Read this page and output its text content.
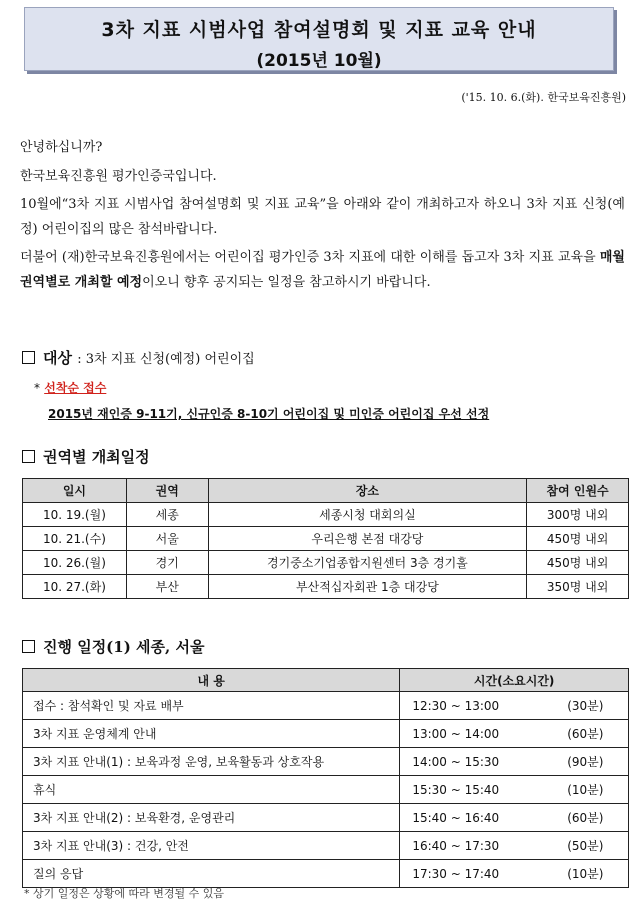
3차 지표 시범사업 참여설명회 및 지표 교육 안내
(2015년 10월)
('15. 10. 6.(화). 한국보육진흥원)

안녕하십니까?

한국보육진흥원 평가인증국입니다.

10월에“3차 지표 시범사업 참여설명회 및 지표 교육”을 아래와 같이 개최하고자 하오니 3차 지표 신청(예정) 어린이집의 많은 참석바랍니다.

더불어 (재)한국보육진흥원에서는 어린이집 평가인증 3차 지표에 대한 이해를 돕고자 3차 지표 교육을 매월 권역별로 개최할 예정이오니 향후 공지되는 일정을 참고하시기 바랍니다.

대상 : 3차 지표 신청(예정) 어린이집
* 선착순 접수
2015년 재인증 9-11기, 신규인증 8-10기 어린이집 및 미인증 어린이집 우선 선정
권역별 개최일정
일시	권역	장소	참여 인원수
10. 19.(월)	세종	세종시청 대회의실	300명 내외
10. 21.(수)	서울	우리은행 본점 대강당	450명 내외
10. 26.(월)	경기	경기중소기업종합지원센터 3층 경기홀	450명 내외
10. 27.(화)	부산	부산적십자회관 1층 대강당	350명 내외
진행 일정(1) 세종, 서울
내 용	시간(소요시간)	
접수 : 참석확인 및 자료 배부	12:30 ~ 13:00	(30분)
3차 지표 운영체계 안내	13:00 ~ 14:00	(60분)
3차 지표 안내(1) : 보육과정 운영, 보육활동과 상호작용	14:00 ~ 15:30	(90분)
휴식	15:30 ~ 15:40	(10분)
3차 지표 안내(2) : 보육환경, 운영관리	15:40 ~ 16:40	(60분)
3차 지표 안내(3) : 건강, 안전	16:40 ~ 17:30	(50분)
질의 응답	17:30 ~ 17:40	(10분)
* 상기 일정은 상황에 따라 변경될 수 있음
